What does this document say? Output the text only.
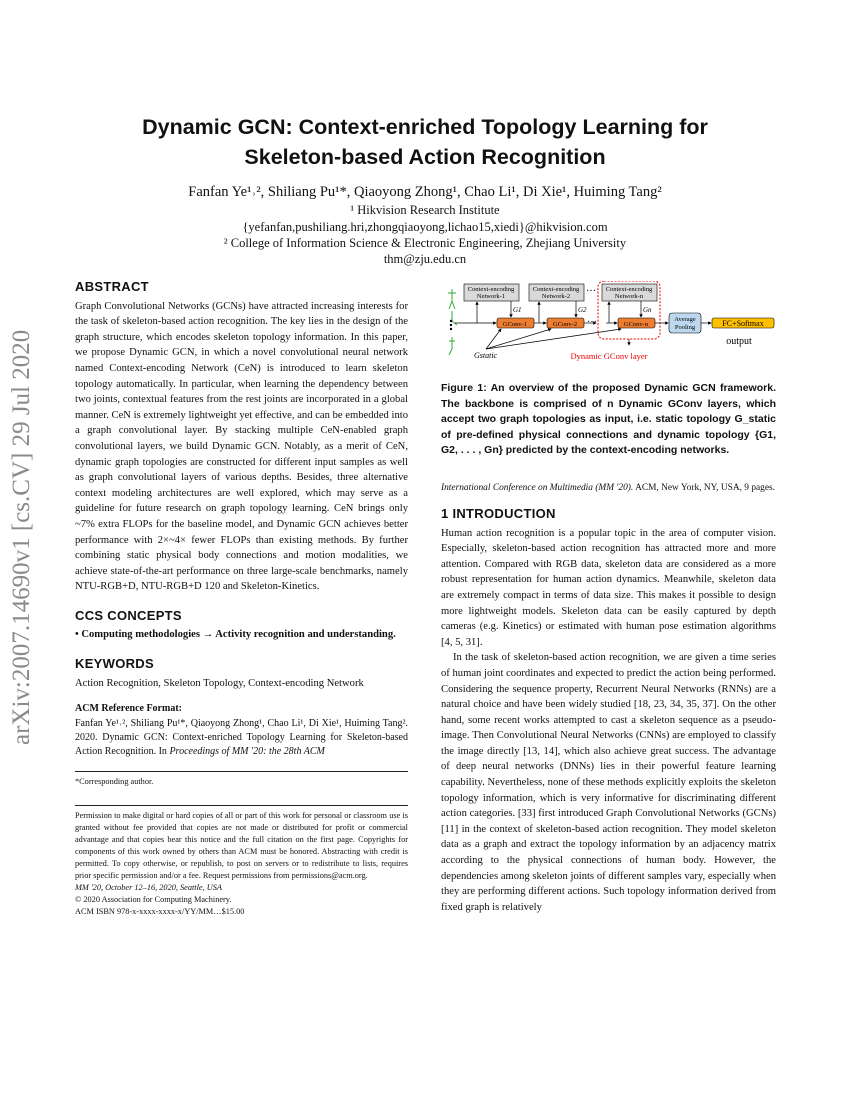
arXiv:2007.14690v1 [cs.CV] 29 Jul 2020
Dynamic GCN: Context-enriched Topology Learning for
Skeleton-based Action Recognition
Fanfan Ye¹˒², Shiliang Pu¹*, Qiaoyong Zhong¹, Chao Li¹, Di Xie¹, Huiming Tang²
¹ Hikvision Research Institute
{yefanfan,pushiliang.hri,zhongqiaoyong,lichao15,xiedi}@hikvision.com
² College of Information Science & Electronic Engineering, Zhejiang University
thm@zju.edu.cn
ABSTRACT

Graph Convolutional Networks (GCNs) have attracted increasing interests for the task of skeleton-based action recognition. The key lies in the design of the graph structure, which encodes skeleton topology information. In this paper, we propose Dynamic GCN, in which a novel convolutional neural network named Context-encoding Network (CeN) is introduced to learn skeleton topology automatically. In particular, when learning the dependency between two joints, contextual features from the rest joints are incorporated in a global manner. CeN is extremely lightweight yet effective, and can be embedded into a graph convolutional layer. By stacking multiple CeN-enabled graph convolutional layers, we build Dynamic GCN. Notably, as a merit of CeN, dynamic graph topologies are constructed for different input samples as well as graph convolutional layers of various depths. Besides, three alternative context modeling architectures are well explored, which may serve as a guideline for future research on graph topology learning. CeN brings only ~7% extra FLOPs for the baseline model, and Dynamic GCN achieves better performance with 2×~4× fewer FLOPs than existing methods. By further combining static physical body connections and motion modalities, we achieve state-of-the-art performance on three large-scale benchmarks, namely NTU-RGB+D, NTU-RGB+D 120 and Skeleton-Kinetics.

CCS CONCEPTS

• Computing methodologies → Activity recognition and understanding.

KEYWORDS

Action Recognition, Skeleton Topology, Context-encoding Network

ACM Reference Format:

Fanfan Ye¹˒², Shiliang Pu¹*, Qiaoyong Zhong¹, Chao Li¹, Di Xie¹, Huiming Tang². 2020. Dynamic GCN: Context-enriched Topology Learning for Skeleton-based Action Recognition. In Proceedings of MM '20: the 28th ACM

*Corresponding author.

Permission to make digital or hard copies of all or part of this work for personal or classroom use is granted without fee provided that copies are not made or distributed for profit or commercial advantage and that copies bear this notice and the full citation on the first page. Copyrights for components of this work owned by others than ACM must be honored. Abstracting with credit is permitted. To copy otherwise, or republish, to post on servers or to redistribute to lists, requires prior specific permission and/or a fee. Request permissions from permissions@acm.org.

MM '20, October 12–16, 2020, Seattle, USA

© 2020 Association for Computing Machinery.

ACM ISBN 978-x-xxxx-xxxx-x/YY/MM…$15.00

Context-encoding
Network-1
Context-encoding
Network-2
Context-encoding
Network-n
GConv-1	GConv-2	GConv-n
Average
Pooling	FC+Softmax
output
Dynamic GConv layer
Gstatic
G1	G2	Gn
···
···

Figure 1: An overview of the proposed Dynamic GCN framework. The backbone is comprised of n Dynamic GConv layers, which accept two graph topologies as input, i.e. static topology G_static of pre-defined physical connections and dynamic topology {G1, G2, . . . , Gn} predicted by the context-encoding networks.

International Conference on Multimedia (MM '20). ACM, New York, NY, USA, 9 pages.

1 INTRODUCTION

Human action recognition is a popular topic in the area of computer vision. Especially, skeleton-based action recognition has attracted more and more attention. Compared with RGB data, skeleton data are considered as a more robust representation for human action dynamics. Meanwhile, skeleton data are extremely compact in terms of data size. This makes it possible to design more lightweight models. Skeleton data can be easily captured by depth cameras (e.g. Kinetics) or estimated with human pose estimation algorithms [4, 5, 31].

In the task of skeleton-based action recognition, we are given a time series of human joint coordinates and expected to predict the action being performed. Considering the sequence property, Recurrent Neural Networks (RNNs) are a natural choice and have been widely studied [18, 23, 34, 35, 37]. On the other hand, some recent works attempted to cast a skeleton sequence as a pseudo-image. Then Convolutional Neural Networks (CNNs) are employed to classify the image directly [13, 14], which also achieve great success. The advantage of deep neural networks (DNNs) lies in their powerful feature learning capability. Nevertheless, none of these methods explicitly exploits the skeleton topology information, which is very informative for discriminating different action categories. [33] first introduced Graph Convolutional Networks (GCNs) [11] in the context of skeleton-based action recognition. They model skeleton data as a graph and extract the topology information by an adjacency matrix according to the physical connections of human body. However, the dependencies among skeleton joints of different samples vary, especially when they are performing different actions. Such topology information derived from fixed graph is relatively
